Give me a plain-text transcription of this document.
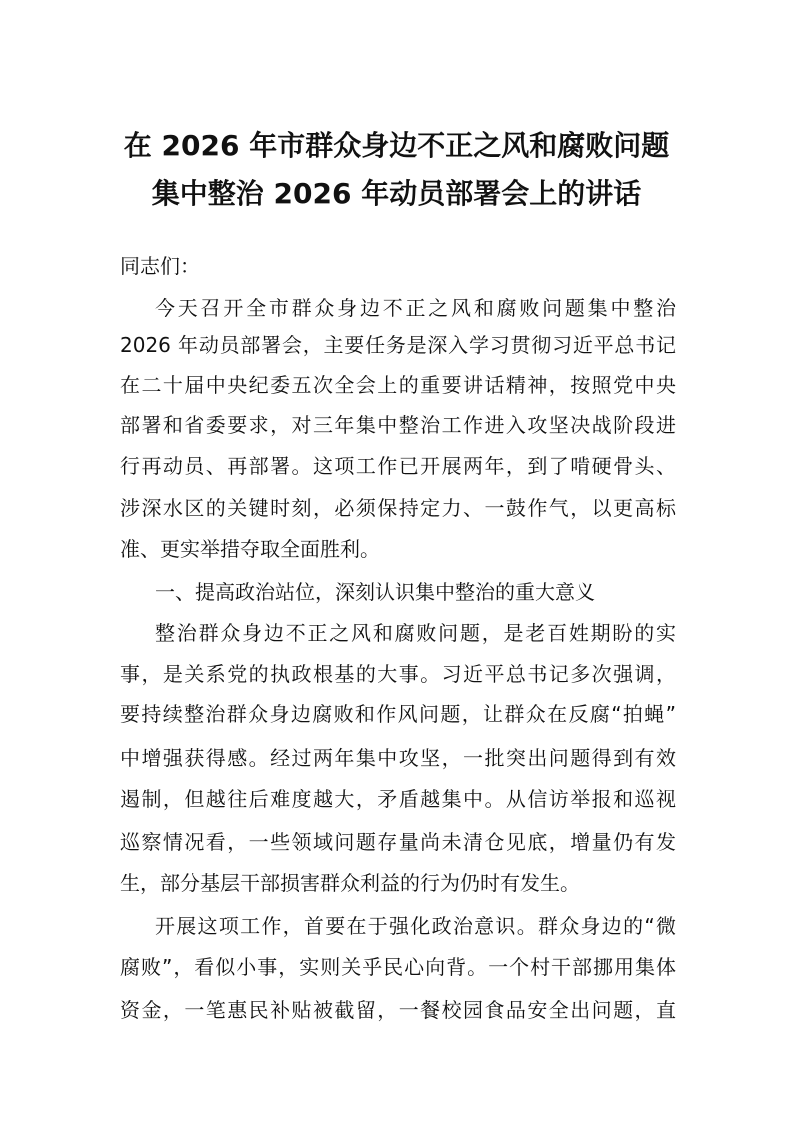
在 2026 年市群众身边不正之风和腐败问题
集中整治 2026 年动员部署会上的讲话
同志们：
今天召开全市群众身边不正之风和腐败问题集中整治
2026 年动员部署会，主要任务是深入学习贯彻习近平总书记
在二十届中央纪委五次全会上的重要讲话精神，按照党中央
部署和省委要求，对三年集中整治工作进入攻坚决战阶段进
行再动员、再部署。这项工作已开展两年，到了啃硬骨头、
涉深水区的关键时刻，必须保持定力、一鼓作气，以更高标
准、更实举措夺取全面胜利。
一、提高政治站位，深刻认识集中整治的重大意义
整治群众身边不正之风和腐败问题，是老百姓期盼的实
事，是关系党的执政根基的大事。习近平总书记多次强调，
要持续整治群众身边腐败和作风问题，让群众在反腐“拍蝇”
中增强获得感。经过两年集中攻坚，一批突出问题得到有效
遏制，但越往后难度越大，矛盾越集中。从信访举报和巡视
巡察情况看，一些领域问题存量尚未清仓见底，增量仍有发
生，部分基层干部损害群众利益的行为仍时有发生。
开展这项工作，首要在于强化政治意识。群众身边的“微
腐败”，看似小事，实则关乎民心向背。一个村干部挪用集体
资金，一笔惠民补贴被截留，一餐校园食品安全出问题，直
